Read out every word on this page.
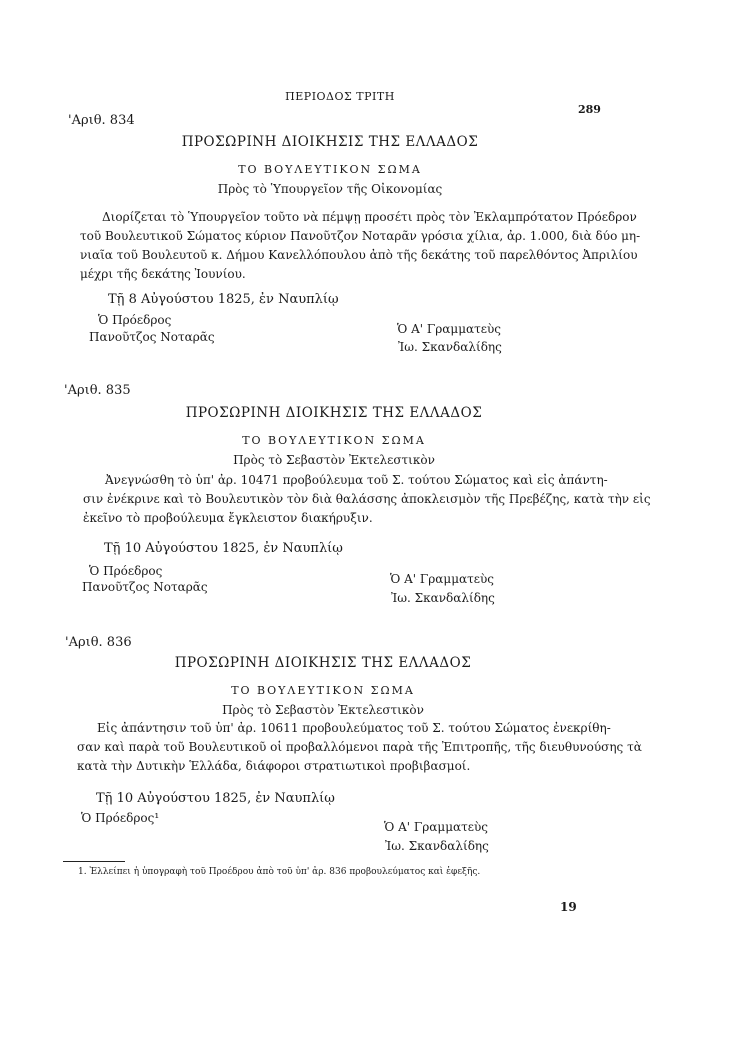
ΠΕΡΙΟΔΟΣ ΤΡΙΤΗ
289
'Αριθ. 834
ΠΡΟΣΩΡΙΝΗ ΔΙΟΙΚΗΣΙΣ ΤΗΣ ΕΛΛΑΔΟΣ
ΤΟ ΒΟΥΛΕΥΤΙΚΟΝ ΣΩΜΑ
Πρὸς τὸ Ὑπουργεῖον τῆς Οἰκονομίας
Διορίζεται τὸ Ὑπουργεῖον τοῦτο νὰ πέμψῃ προσέτι πρὸς τὸν Ἐκλαμπρότατον Πρόεδρον
τοῦ Βουλευτικοῦ Σώματος κύριον Πανοῦτζον Νοταρᾶν γρόσια χίλια, ἀρ. 1.000, διὰ δύο μη-
νιαῖα τοῦ Βουλευτοῦ κ. Δήμου Κανελλόπουλου ἀπὸ τῆς δεκάτης τοῦ παρελθόντος Ἀπριλίου
μέχρι τῆς δεκάτης Ἰουνίου.
Τῇ 8 Αὐγούστου 1825, ἐν Ναυπλίῳ
Ὁ Πρόεδρος
Πανοῦτζος Νοταρᾶς
Ὁ Α' Γραμματεὺς
Ἰω. Σκανδαλίδης
'Αριθ. 835
ΠΡΟΣΩΡΙΝΗ ΔΙΟΙΚΗΣΙΣ ΤΗΣ ΕΛΛΑΔΟΣ
ΤΟ ΒΟΥΛΕΥΤΙΚΟΝ ΣΩΜΑ
Πρὸς τὸ Σεβαστὸν Ἐκτελεστικὸν
Ἀνεγνώσθη τὸ ὑπ' ἀρ. 10471 προβούλευμα τοῦ Σ. τούτου Σώματος καὶ εἰς ἀπάντη-
σιν ἐνέκρινε καὶ τὸ Βουλευτικὸν τὸν διὰ θαλάσσης ἀποκλεισμὸν τῆς Πρεβέζης, κατὰ τὴν εἰς
ἐκεῖνο τὸ προβούλευμα ἔγκλειστον διακήρυξιν.
Τῇ 10 Αὐγούστου 1825, ἐν Ναυπλίῳ
Ὁ Πρόεδρος
Πανοῦτζος Νοταρᾶς
Ὁ Α' Γραμματεὺς
Ἰω. Σκανδαλίδης
'Αριθ. 836
ΠΡΟΣΩΡΙΝΗ ΔΙΟΙΚΗΣΙΣ ΤΗΣ ΕΛΛΑΔΟΣ
ΤΟ ΒΟΥΛΕΥΤΙΚΟΝ ΣΩΜΑ
Πρὸς τὸ Σεβαστὸν Ἐκτελεστικὸν
Εἰς ἀπάντησιν τοῦ ὑπ' ἀρ. 10611 προβουλεύματος τοῦ Σ. τούτου Σώματος ἐνεκρίθη-
σαν καὶ παρὰ τοῦ Βουλευτικοῦ οἱ προβαλλόμενοι παρὰ τῆς Ἐπιτροπῆς, τῆς διευθυνούσης τὰ
κατὰ τὴν Δυτικὴν Ἑλλάδα, διάφοροι στρατιωτικοὶ προβιβασμοί.
Τῇ 10 Αὐγούστου 1825, ἐν Ναυπλίῳ
Ὁ Πρόεδρος¹
Ὁ Α' Γραμματεὺς
Ἰω. Σκανδαλίδης
1. Ἐλλείπει ἡ ὑπογραφὴ τοῦ Προέδρου ἀπὸ τοῦ ὑπ' ἀρ. 836 προβουλεύματος καὶ ἐφεξῆς.
19
